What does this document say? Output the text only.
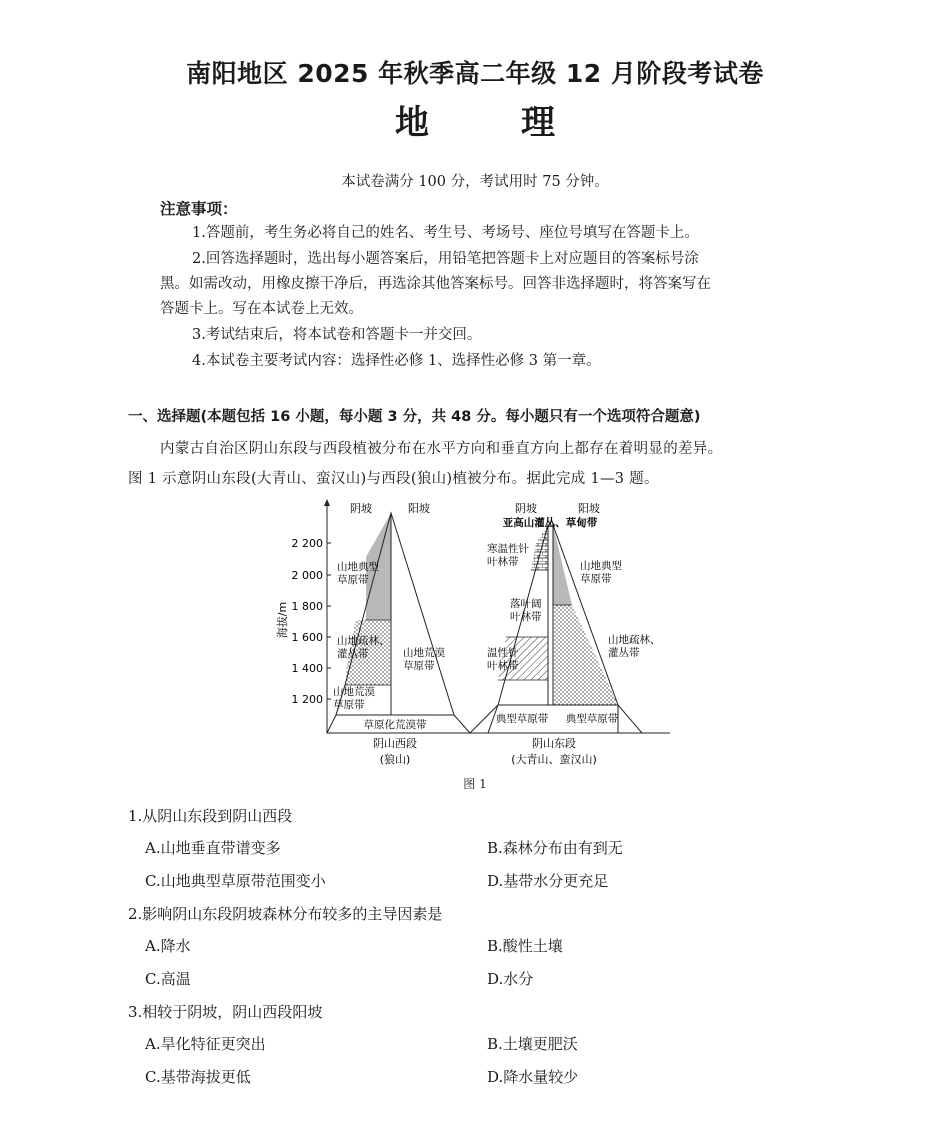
南阳地区 2025 年秋季高二年级 12 月阶段考试卷
地	理
本试卷满分 100 分，考试用时 75 分钟。
注意事项：
1.答题前，考生务必将自己的姓名、考生号、考场号、座位号填写在答题卡上。
2.回答选择题时，选出每小题答案后，用铅笔把答题卡上对应题目的答案标号涂
黑。如需改动，用橡皮擦干净后，再选涂其他答案标号。回答非选择题时，将答案写在
答题卡上。写在本试卷上无效。
3.考试结束后，将本试卷和答题卡一并交回。
4.本试卷主要考试内容：选择性必修 1、选择性必修 3 第一章。
一、选择题(本题包括 16 小题，每小题 3 分，共 48 分。每小题只有一个选项符合题意)
内蒙古自治区阴山东段与西段植被分布在水平方向和垂直方向上都存在着明显的差异。
图 1 示意阴山东段(大青山、蛮汉山)与西段(狼山)植被分布。据此完成 1—3 题。
2 200
2 000
1 800
1 600
1 400
1 200
海拔/m
阴坡	阳坡
山地典型
草原带
山地疏林、
灌丛带
山地荒漠
草原带
山地荒漠
草原带
草原化荒漠带
阴山西段
(狼山)
阴坡	阳坡
亚高山灌丛、草甸带
寒温性针
叶林带
落叶阔
叶林带
温性针
叶林带
典型草原带
山地典型
草原带
山地疏林、
灌丛带
典型草原带
阴山东段
(大青山、蛮汉山)
图 1
1.从阴山东段到阴山西段
A.山地垂直带谱变多	B.森林分布由有到无
C.山地典型草原带范围变小	D.基带水分更充足
2.影响阴山东段阴坡森林分布较多的主导因素是
A.降水	B.酸性土壤
C.高温	D.水分
3.相较于阴坡，阴山西段阳坡
A.旱化特征更突出	B.土壤更肥沃
C.基带海拔更低	D.降水量较少
